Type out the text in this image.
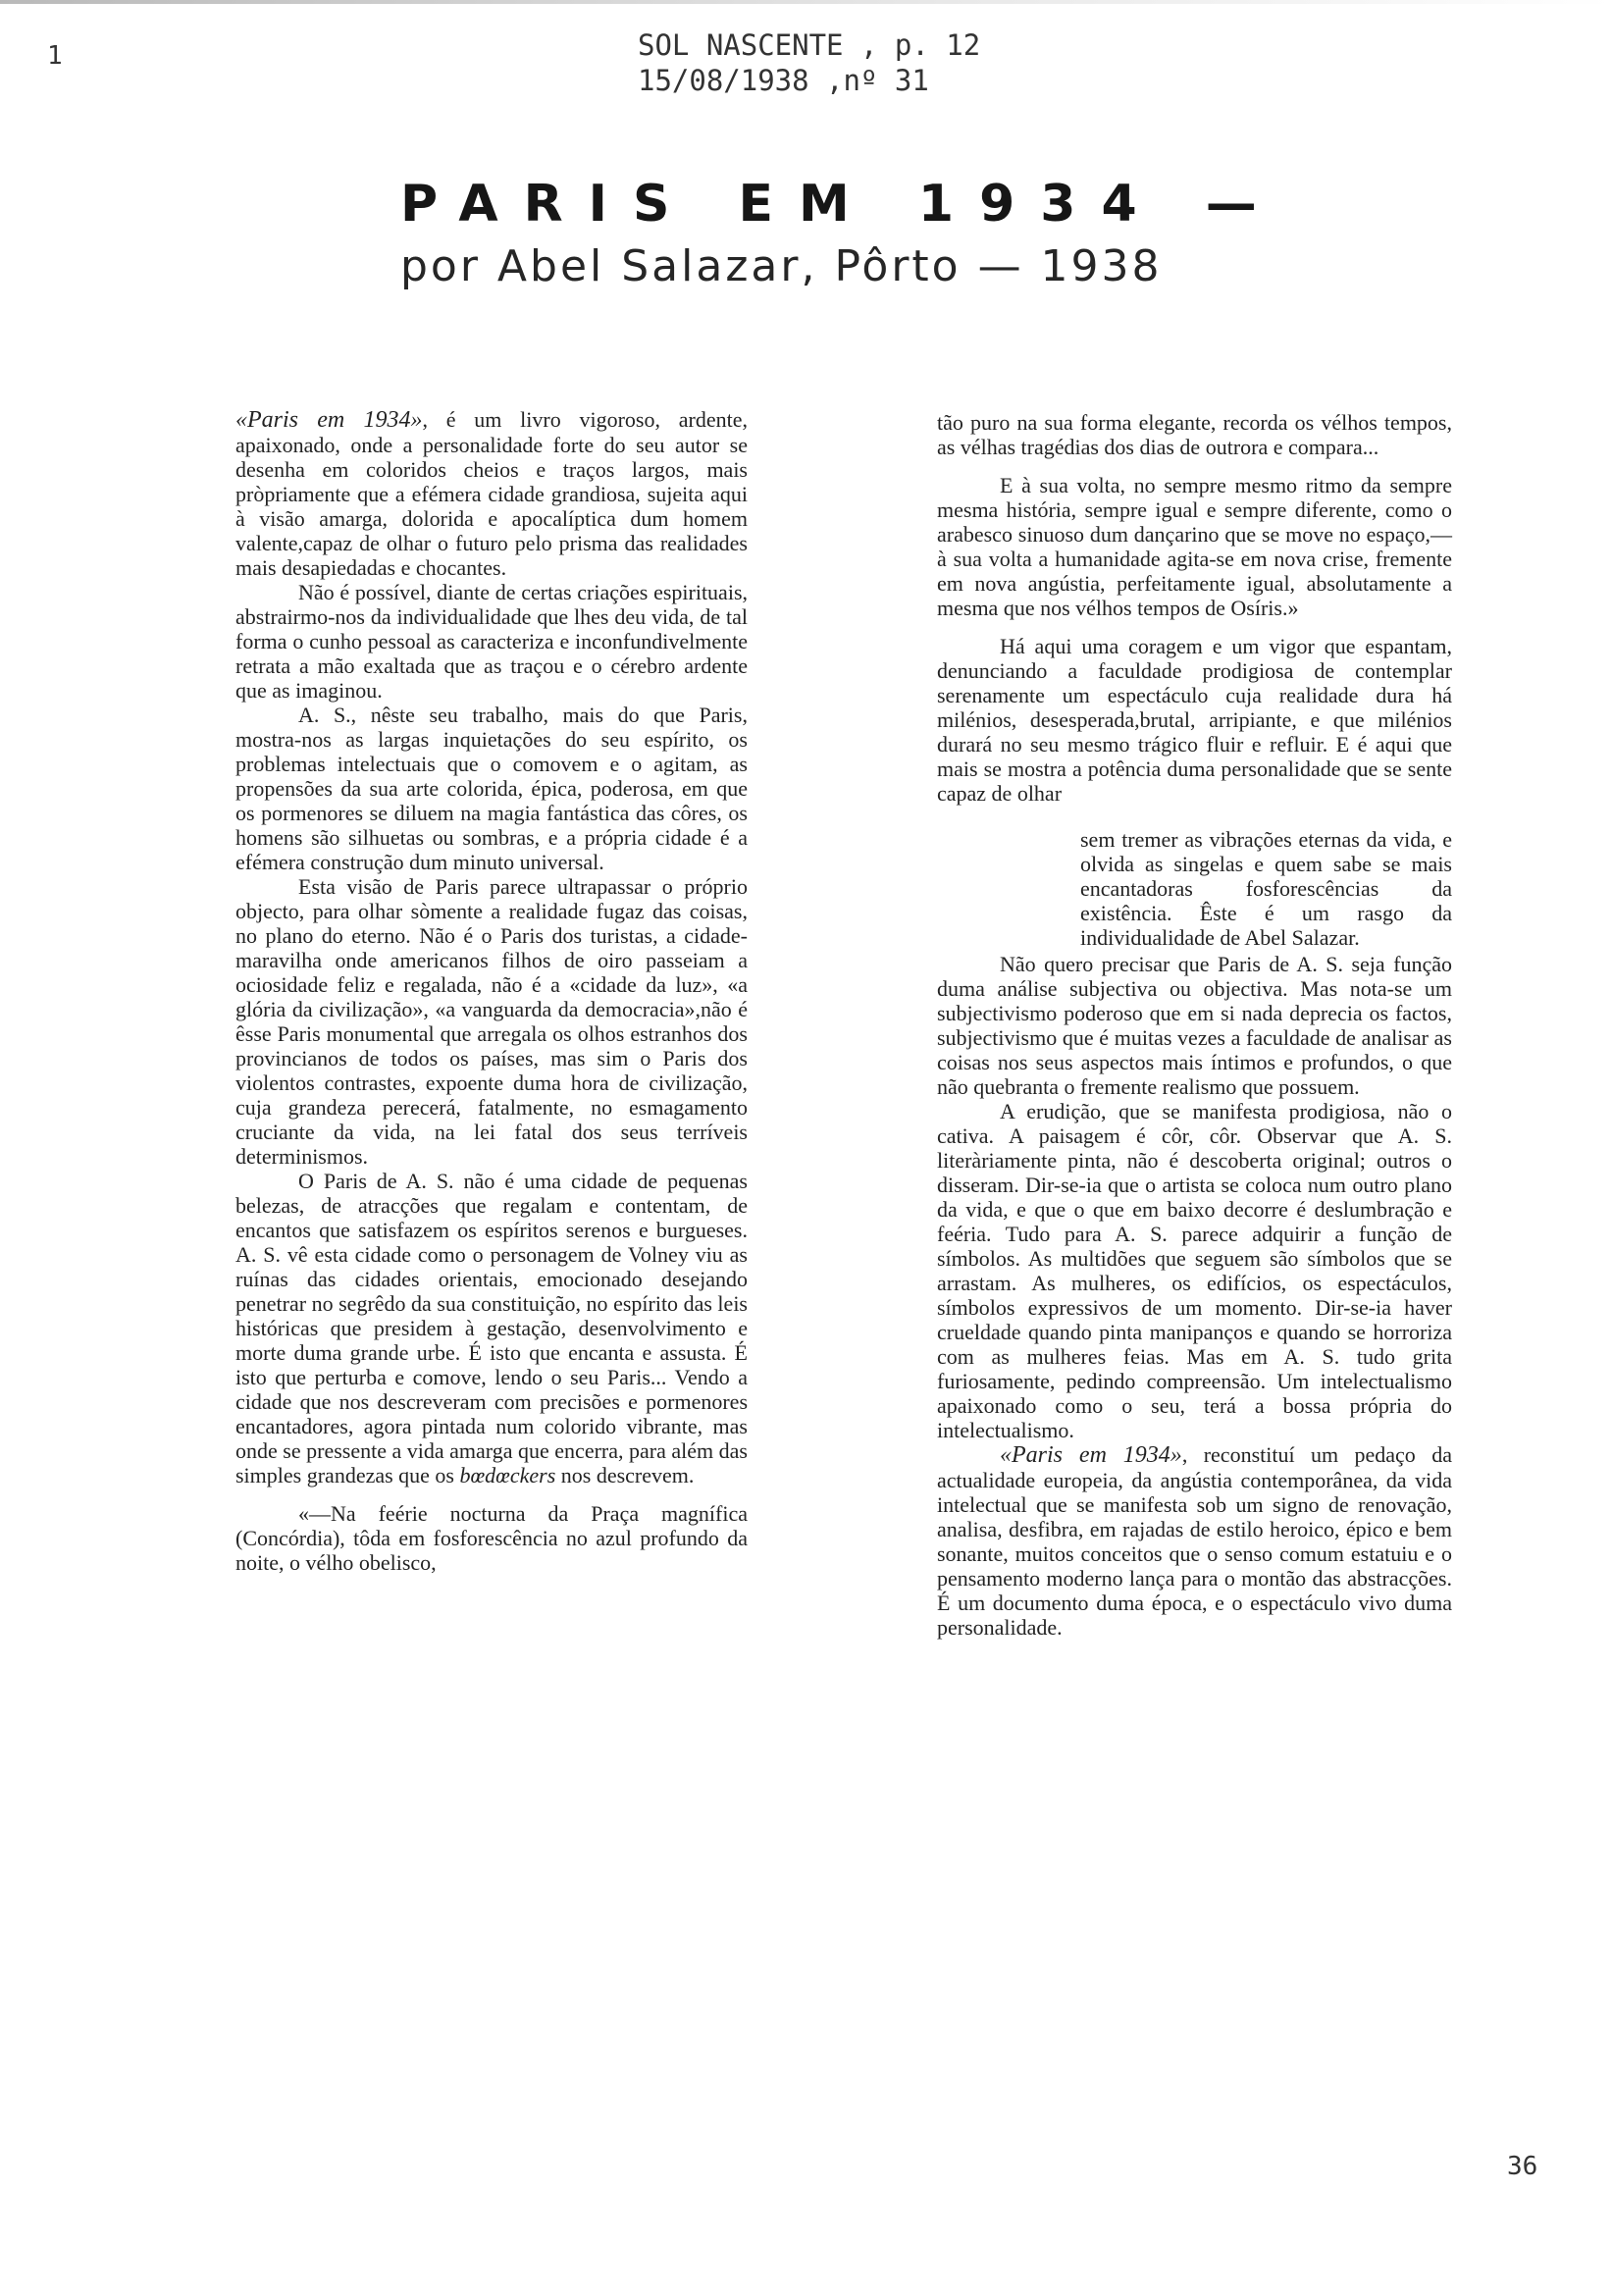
1	SOL NASCENTE , p. 12
15/08/1938 ,nº 31
PARIS EM 1934 —
por Abel Salazar, Pôrto — 1938

«Paris em 1934», é um livro vigoroso, ardente, apaixonado, onde a personalidade forte do seu autor se desenha em coloridos cheios e traços largos, mais pròpriamente que a efémera cidade grandiosa, sujeita aqui à visão amarga, dolorida e apocalíptica dum homem valente,capaz de olhar o futuro pelo prisma das realidades mais desapiedadas e chocantes.

Não é possível, diante de certas criações espirituais, abstrairmo-nos da individualidade que lhes deu vida, de tal forma o cunho pessoal as caracteriza e inconfundivelmente retrata a mão exaltada que as traçou e o cérebro ardente que as imaginou.

A. S., nêste seu trabalho, mais do que Paris, mostra-nos as largas inquietações do seu espírito, os problemas intelectuais que o comovem e o agitam, as propensões da sua arte colorida, épica, poderosa, em que os pormenores se diluem na magia fantástica das côres, os homens são silhuetas ou sombras, e a própria cidade é a efémera construção dum minuto universal.

Esta visão de Paris parece ultrapassar o próprio objecto, para olhar sòmente a realidade fugaz das coisas, no plano do eterno. Não é o Paris dos turistas, a cidade-maravilha onde americanos filhos de oiro passeiam a ociosidade feliz e regalada, não é a «cidade da luz», «a glória da civilização», «a vanguarda da democracia»,não é êsse Paris monumental que arregala os olhos estranhos dos provincianos de todos os países, mas sim o Paris dos violentos contrastes, expoente duma hora de civilização, cuja grandeza perecerá, fatalmente, no esmagamento cruciante da vida, na lei fatal dos seus terríveis determinismos.

O Paris de A. S. não é uma cidade de pequenas belezas, de atracções que regalam e contentam, de encantos que satisfazem os espíritos serenos e burgueses. A. S. vê esta cidade como o personagem de Volney viu as ruínas das cidades orientais, emocionado desejando penetrar no segrêdo da sua constituição, no espírito das leis históricas que presidem à gestação, desenvolvimento e morte duma grande urbe. É isto que encanta e assusta. É isto que perturba e comove, lendo o seu Paris... Vendo a cidade que nos descreveram com precisões e pormenores encantadores, agora pintada num colorido vibrante, mas onde se pressente a vida amarga que encerra, para além das simples grandezas que os bœdœckers nos descrevem.

«—Na feérie nocturna da Praça magnífica (Concórdia), tôda em fosforescência no azul profundo da noite, o vélho obelisco,

tão puro na sua forma elegante, recorda os vélhos tempos, as vélhas tragédias dos dias de outrora e compara...

E à sua volta, no sempre mesmo ritmo da sempre mesma história, sempre igual e sempre diferente, como o arabesco sinuoso dum dançarino que se move no espaço,—à sua volta a humanidade agita-se em nova crise, fremente em nova angústia, perfeitamente igual, absolutamente a mesma que nos vélhos tempos de Osíris.»

Há aqui uma coragem e um vigor que espantam, denunciando a faculdade prodigiosa de contemplar serenamente um espectáculo cuja realidade dura há milénios, desesperada,brutal, arripiante, e que milénios durará no seu mesmo trágico fluir e refluir. E é aqui que mais se mostra a potência duma personalidade que se sente capaz de olhar

sem tremer as vibrações eternas da vida, e olvida as singelas e quem sabe se mais encantadoras fosforescências da existência. Êste é um rasgo da individualidade de Abel Salazar.

Não quero precisar que Paris de A. S. seja função duma análise subjectiva ou objectiva. Mas nota-se um subjectivismo poderoso que em si nada deprecia os factos, subjectivismo que é muitas vezes a faculdade de analisar as coisas nos seus aspectos mais íntimos e profundos, o que não quebranta o fremente realismo que possuem.

A erudição, que se manifesta prodigiosa, não o cativa. A paisagem é côr, côr. Observar que A. S. literàriamente pinta, não é descoberta original; outros o disseram. Dir-se-ia que o artista se coloca num outro plano da vida, e que o que em baixo decorre é deslumbração e feéria. Tudo para A. S. parece adquirir a função de símbolos. As multidões que seguem são símbolos que se arrastam. As mulheres, os edifícios, os espectáculos, símbolos expressivos de um momento. Dir-se-ia haver crueldade quando pinta manipanços e quando se horroriza com as mulheres feias. Mas em A. S. tudo grita furiosamente, pedindo compreensão. Um intelectualismo apaixonado como o seu, terá a bossa própria do intelectualismo.

«Paris em 1934», reconstituí um pedaço da actualidade europeia, da angústia contemporânea, da vida intelectual que se manifesta sob um signo de renovação, analisa, desfibra, em rajadas de estilo heroico, épico e bem sonante, muitos conceitos que o senso comum estatuiu e o pensamento moderno lança para o montão das abstracções. É um documento duma época, e o espectáculo vivo duma personalidade.

36
